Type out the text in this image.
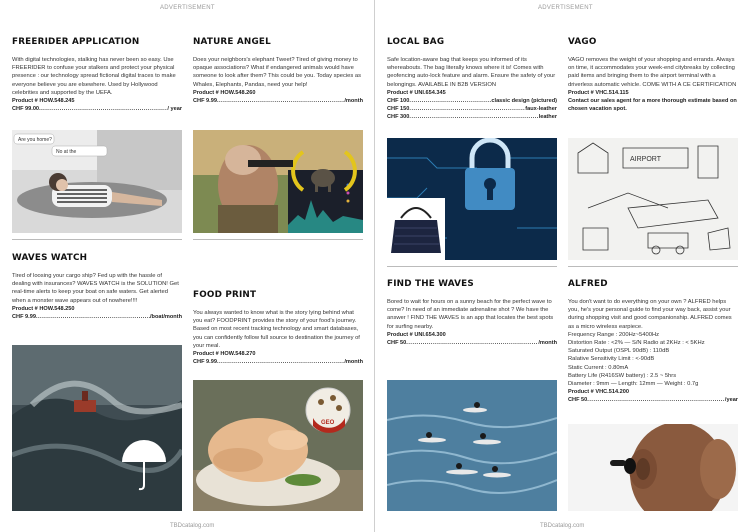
ADVERTISEMENT
FREERIDER APPLICATION
With digital technologies, stalking has never been so easy. Use FREERIDER to confuse your stalkers and protect your physical presence : our technology spread fictional digital traces to make everyone believe you are elsewhere. Used by Hollywood celebrities and supported by the UEFA.
Product # HOW.548.245
CHF 99.00 .....	/ year
Are you home?
No at the
NATURE ANGEL
Does your neighbors's elephant Tweet? Tired of giving money to opaque associations? What if endangered animals would have someone to look after them? This could be you. Today species as Whales, Elephants, Pandas, need your help!
Product # HOW.548.260
CHF 9.99 .....	/month
WAVES WATCH
Tired of loosing your cargo ship? Fed up with the hassle of dealing with insurances? WAVES WATCH is the SOLUTION! Get real-time alerts to keep your boat on safe waters. Get alerted when a monster wave appears out of nowhere!!!!
Product # HOW.548.250
CHF 9.99 .....	/boat/month
FOOD PRINT
You always wanted to know what is the story lying behind what you eat? FOODPRINT provides the story of your food's journey. Based on most recent tracking technology and smart databases, you can confidently follow full source to destination the journey of your meal.
Product # HOW.548.270
CHF 9.99 .....	/month
GEO
TBDcatalog.com
ADVERTISEMENT
LOCAL BAG
Safe location-aware bag that keeps you informed of its whereabouts. The bag literally knows where it is! Comes with geofencing auto-lock feature and alarm. Ensure the safety of your belongings. AVAILABLE IN B2B VERSION
Product # UNI.654.345
CHF 100 .....	classic design (pictured)
CHF 150 .....	faux-leather
CHF 300 .....	leather
VAGO
VAGO removes the weight of your shopping and errands. Always on time, it accommodates your week-end citybreaks by collecting paid items and bringing them to the airport terminal with a driverless automatic vehicle. COME WITH A CE CERTIFICATION
Product # VHC.514.115
Contact our sales agent for a more thorough estimate based on chosen vacation spot.
AIRPORT
FIND THE WAVES
Bored to wait for hours on a sunny beach for the perfect wave to come? In need of an immediate adrenaline shot ? We have the answer ! FIND THE WAVES is an app that locates the best spots for surfing nearby.
Product # UNI.654.300
CHF 50 .....	/month
ALFRED
You don't want to do everything on your own ? ALFRED helps you, he's your personal guide to find your way back, assist your during shopping visit and good companionship. ALFRED comes as a micro wireless earpiece.
Frequency Range : 200Hz~5400Hz
Distortion Rate : <2% — S/N Radio at 2KHz : < 5KHz
Saturated Output (OSPL 90dB) : 110dB
Ralative Sensitivity Limit : <-90dB
Static Current : 0.80mA
Battery Life (R416SW battery) : 2.5 ~ 5hrs
Diameter : 9mm — Length: 12mm — Weight : 0.7g
Product # VHC.514.200
CHF 50 .....	/year
TBDcatalog.com
